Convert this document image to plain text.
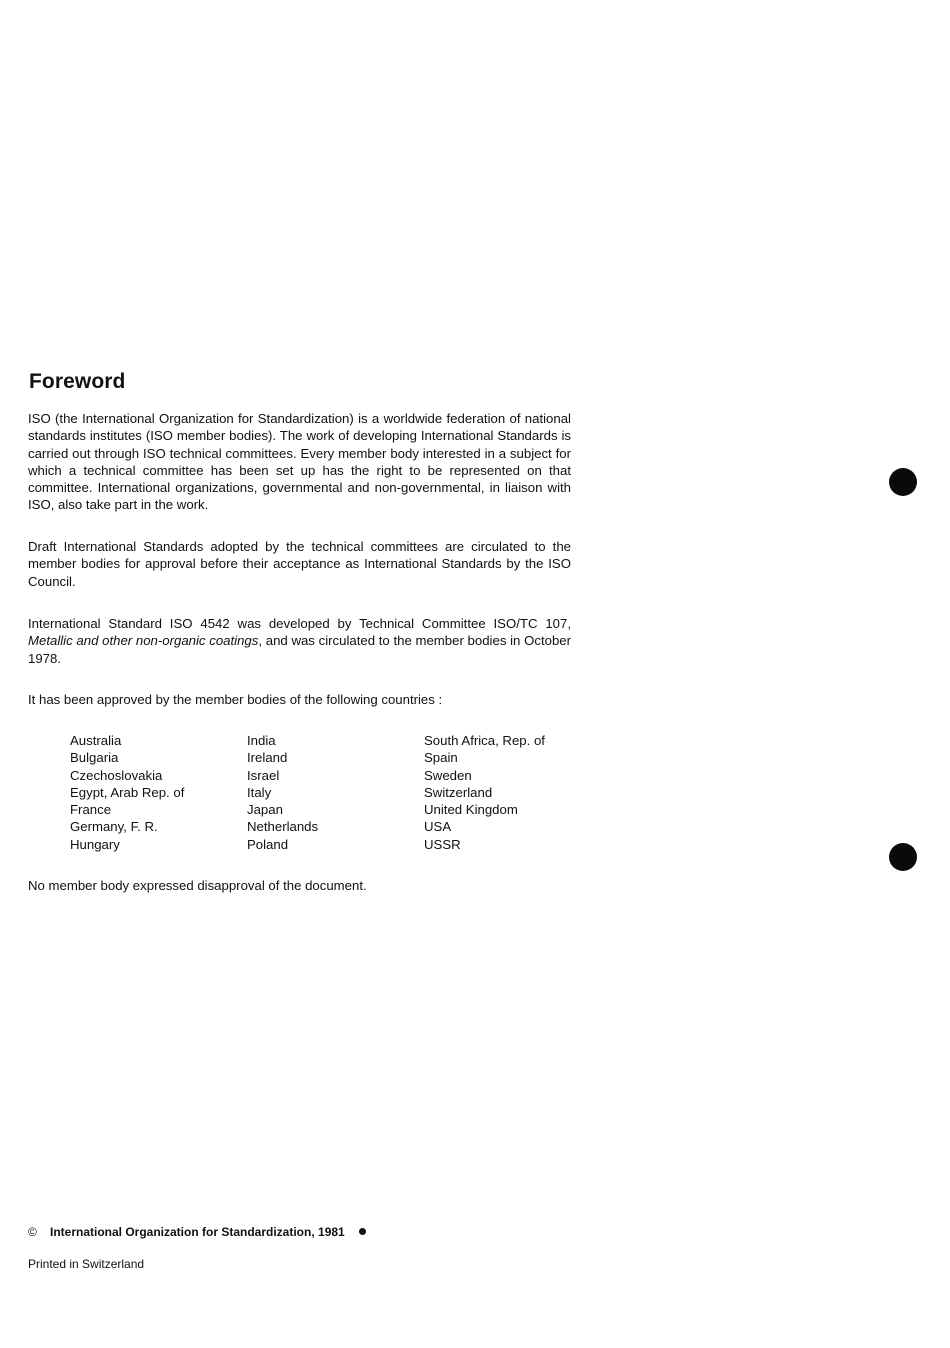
Foreword

ISO (the International Organization for Standardization) is a worldwide federation of national standards institutes (ISO member bodies). The work of developing International Standards is carried out through ISO technical committees. Every member body interested in a subject for which a technical committee has been set up has the right to be represented on that committee. International organizations, governmental and non-governmental, in liaison with ISO, also take part in the work.

Draft International Standards adopted by the technical committees are circulated to the member bodies for approval before their acceptance as International Standards by the ISO Council.

International Standard ISO 4542 was developed by Technical Committee ISO/TC 107, Metallic and other non-organic coatings, and was circulated to the member bodies in October 1978.

It has been approved by the member bodies of the following countries :

Australia
Bulgaria
Czechoslovakia
Egypt, Arab Rep. of
France
Germany, F. R.
Hungary
India
Ireland
Israel
Italy
Japan
Netherlands
Poland
South Africa, Rep. of
Spain
Sweden
Switzerland
United Kingdom
USA
USSR

No member body expressed disapproval of the document.

© International Organization for Standardization, 1981
Printed in Switzerland
